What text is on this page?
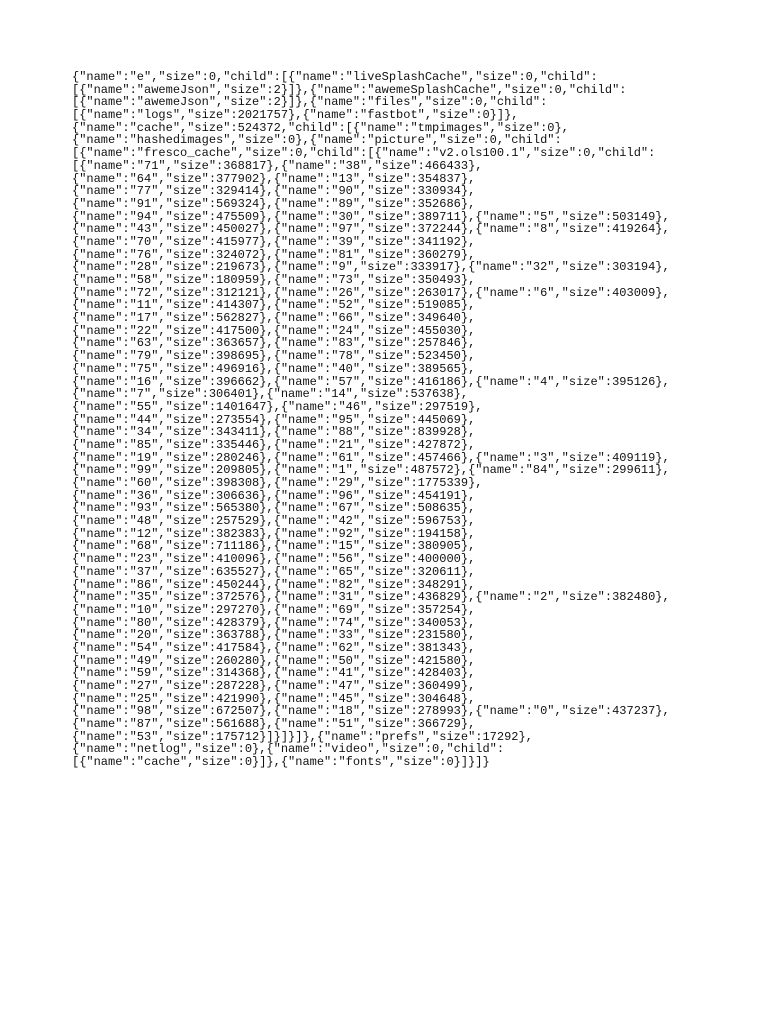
{"name":"e","size":0,"child":[{"name":"liveSplashCache","size":0,"child":
[{"name":"awemeJson","size":2}]},{"name":"awemeSplashCache","size":0,"child":
[{"name":"awemeJson","size":2}]},{"name":"files","size":0,"child":
[{"name":"logs","size":2021757},{"name":"fastbot","size":0}]},
{"name":"cache","size":524372,"child":[{"name":"tmpimages","size":0},
{"name":"hashedimages","size":0},{"name":"picture","size":0,"child":
[{"name":"fresco_cache","size":0,"child":[{"name":"v2.ols100.1","size":0,"child":
[{"name":"71","size":368817},{"name":"38","size":466433},
{"name":"64","size":377902},{"name":"13","size":354837},
{"name":"77","size":329414},{"name":"90","size":330934},
{"name":"91","size":569324},{"name":"89","size":352686},
{"name":"94","size":475509},{"name":"30","size":389711},{"name":"5","size":503149},
{"name":"43","size":450027},{"name":"97","size":372244},{"name":"8","size":419264},
{"name":"70","size":415977},{"name":"39","size":341192},
{"name":"76","size":324072},{"name":"81","size":360279},
{"name":"28","size":219673},{"name":"9","size":333917},{"name":"32","size":303194},
{"name":"58","size":180959},{"name":"73","size":350493},
{"name":"72","size":312121},{"name":"26","size":263017},{"name":"6","size":403009},
{"name":"11","size":414307},{"name":"52","size":519085},
{"name":"17","size":562827},{"name":"66","size":349640},
{"name":"22","size":417500},{"name":"24","size":455030},
{"name":"63","size":363657},{"name":"83","size":257846},
{"name":"79","size":398695},{"name":"78","size":523450},
{"name":"75","size":496916},{"name":"40","size":389565},
{"name":"16","size":396662},{"name":"57","size":416186},{"name":"4","size":395126},
{"name":"7","size":306401},{"name":"14","size":537638},
{"name":"55","size":1401647},{"name":"46","size":297519},
{"name":"44","size":273554},{"name":"95","size":445069},
{"name":"34","size":343411},{"name":"88","size":839928},
{"name":"85","size":335446},{"name":"21","size":427872},
{"name":"19","size":280246},{"name":"61","size":457466},{"name":"3","size":409119},
{"name":"99","size":209805},{"name":"1","size":487572},{"name":"84","size":299611},
{"name":"60","size":398308},{"name":"29","size":1775339},
{"name":"36","size":306636},{"name":"96","size":454191},
{"name":"93","size":565380},{"name":"67","size":508635},
{"name":"48","size":257529},{"name":"42","size":596753},
{"name":"12","size":382383},{"name":"92","size":194158},
{"name":"68","size":711186},{"name":"15","size":380905},
{"name":"23","size":410096},{"name":"56","size":400000},
{"name":"37","size":635527},{"name":"65","size":320611},
{"name":"86","size":450244},{"name":"82","size":348291},
{"name":"35","size":372576},{"name":"31","size":436829},{"name":"2","size":382480},
{"name":"10","size":297270},{"name":"69","size":357254},
{"name":"80","size":428379},{"name":"74","size":340053},
{"name":"20","size":363788},{"name":"33","size":231580},
{"name":"54","size":417584},{"name":"62","size":381343},
{"name":"49","size":260280},{"name":"50","size":421580},
{"name":"59","size":314368},{"name":"41","size":428403},
{"name":"27","size":287228},{"name":"47","size":360499},
{"name":"25","size":421990},{"name":"45","size":304648},
{"name":"98","size":672507},{"name":"18","size":278993},{"name":"0","size":437237},
{"name":"87","size":561688},{"name":"51","size":366729},
{"name":"53","size":175712}]}]}]},{"name":"prefs","size":17292},
{"name":"netlog","size":0},{"name":"video","size":0,"child":
[{"name":"cache","size":0}]},{"name":"fonts","size":0}]}]}
